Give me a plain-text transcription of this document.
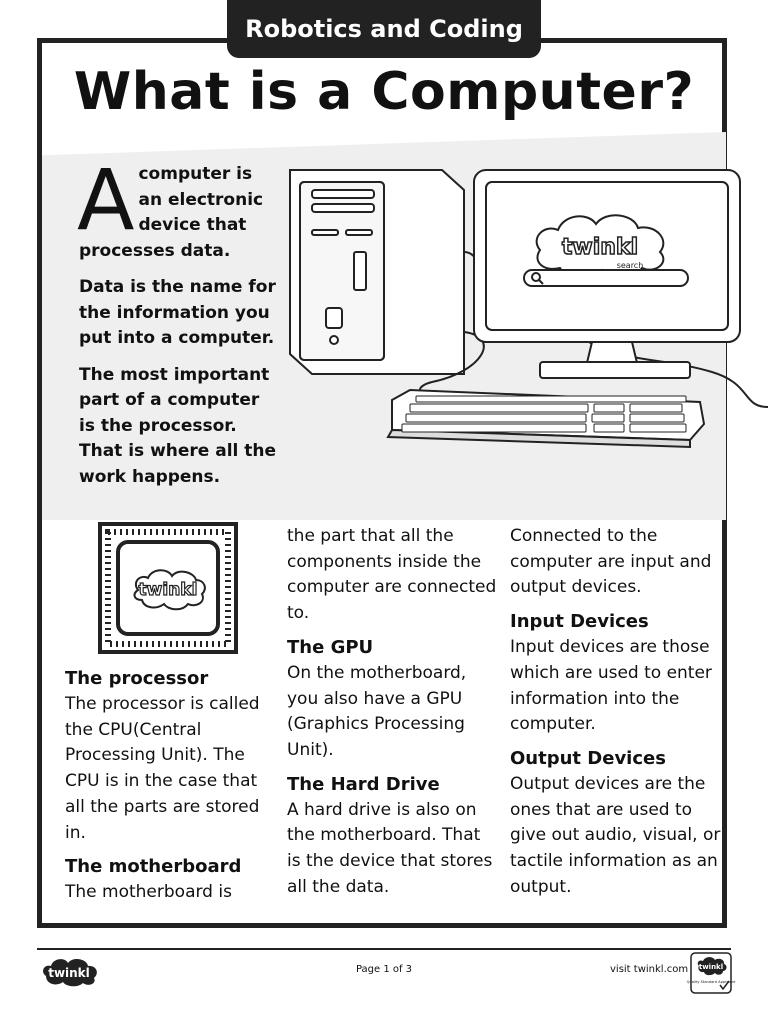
Robotics and Coding
What is a Computer?

Acomputer is an electronic device that processes data.

Data is the name for the information you put into a computer.

The most important part of a computer is the processor. That is where all the work happens.

twinkl
search
twinkl
The processor

The processor is called the CPU(Central Processing Unit). The CPU is in the case that all the parts are stored in.

The motherboard

The motherboard is

the part that all the components inside the computer are connected to.

The GPU

On the motherboard, you also have a GPU (Graphics Processing Unit).

The Hard Drive

A hard drive is also on the motherboard. That is the device that stores all the data.

Connected to the computer are input and output devices.

Input Devices

Input devices are those which are used to enter information into the computer.

Output Devices

Output devices are the ones that are used to give out audio, visual, or tactile information as an output.

twinkl	Page 1 of 3	visit twinkl.com twinkl
Quality Standard Approved
